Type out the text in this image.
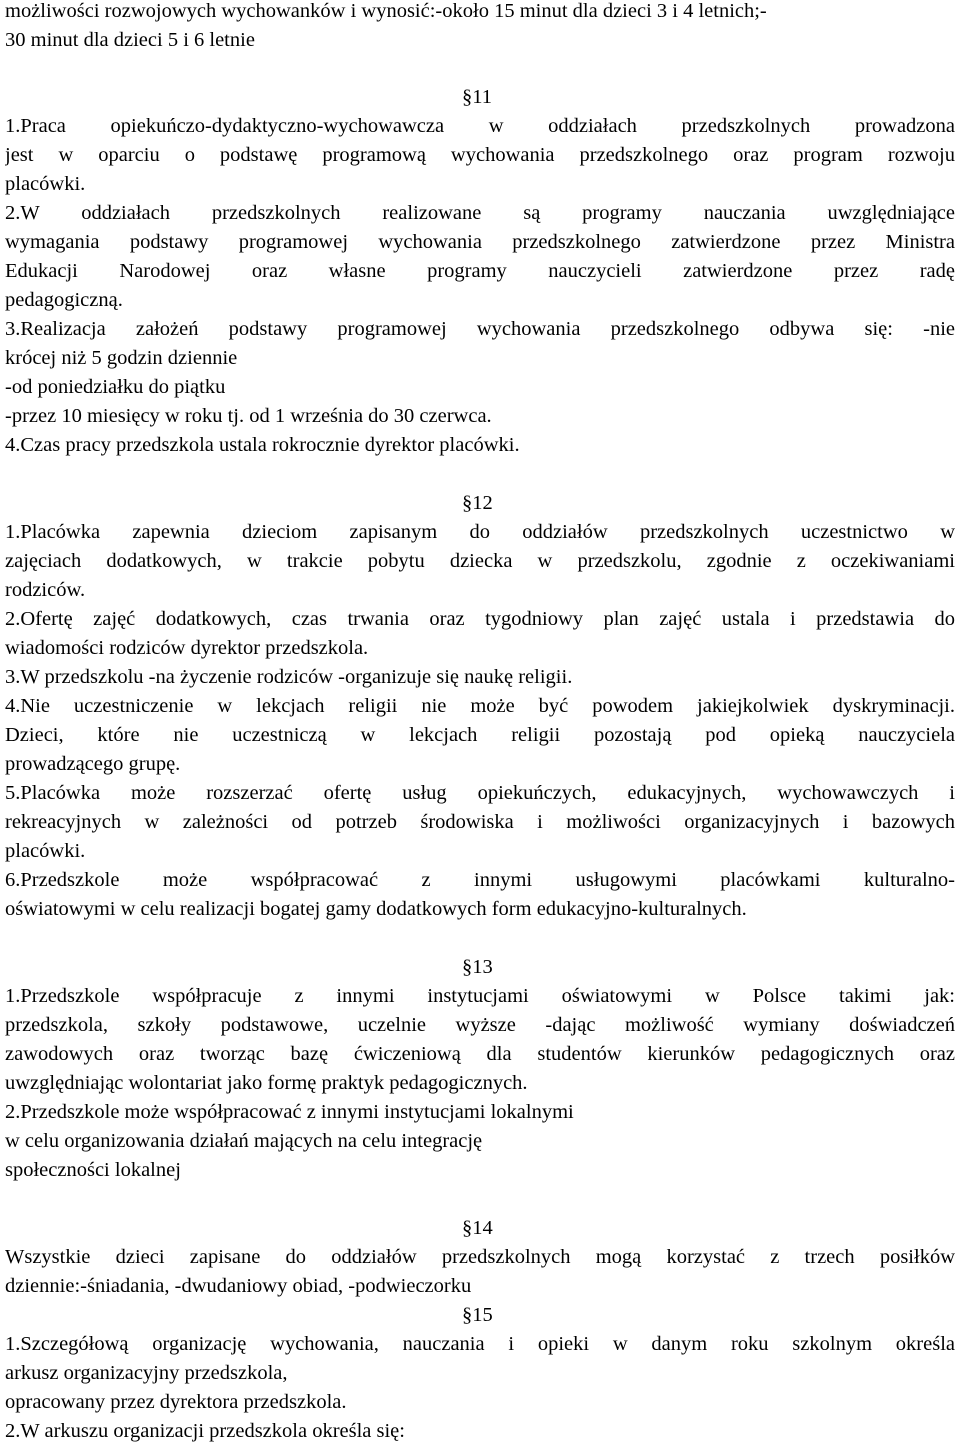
możliwości rozwojowych wychowanków i wynosić:-około 15 minut dla dzieci 3 i 4 letnich;-
30 minut dla dzieci 5 i 6 letnie
§11
1.Praca opiekuńczo-dydaktyczno-wychowawcza w oddziałach przedszkolnych prowadzona
jest w oparciu o podstawę programową wychowania przedszkolnego oraz program rozwoju
placówki.
2.W oddziałach przedszkolnych realizowane są programy nauczania uwzględniające
wymagania podstawy programowej wychowania przedszkolnego zatwierdzone przez Ministra
Edukacji Narodowej oraz własne programy nauczycieli zatwierdzone przez radę
pedagogiczną.
3.Realizacja założeń podstawy programowej wychowania przedszkolnego odbywa się: -nie
krócej niż 5 godzin dziennie
-od poniedziałku do piątku
-przez 10 miesięcy w roku tj. od 1 września do 30 czerwca.
4.Czas pracy przedszkola ustala rokrocznie dyrektor placówki.
§12
1.Placówka zapewnia dzieciom zapisanym do oddziałów przedszkolnych uczestnictwo w
zajęciach dodatkowych, w trakcie pobytu dziecka w przedszkolu, zgodnie z oczekiwaniami
rodziców.
2.Ofertę zajęć dodatkowych, czas trwania oraz tygodniowy plan zajęć ustala i przedstawia do
wiadomości rodziców dyrektor przedszkola.
3.W przedszkolu -na życzenie rodziców -organizuje się naukę religii.
4.Nie uczestniczenie w lekcjach religii nie może być powodem jakiejkolwiek dyskryminacji.
Dzieci, które nie uczestniczą w lekcjach religii pozostają pod opieką nauczyciela
prowadzącego grupę.
5.Placówka może rozszerzać ofertę usług opiekuńczych, edukacyjnych, wychowawczych i
rekreacyjnych w zależności od potrzeb środowiska i możliwości organizacyjnych i bazowych
placówki.
6.Przedszkole może współpracować z innymi usługowymi placówkami kulturalno-
oświatowymi w celu realizacji bogatej gamy dodatkowych form edukacyjno-kulturalnych.
§13
1.Przedszkole współpracuje z innymi instytucjami oświatowymi w Polsce takimi jak:
przedszkola, szkoły podstawowe, uczelnie wyższe -dając możliwość wymiany doświadczeń
zawodowych oraz tworząc bazę ćwiczeniową dla studentów kierunków pedagogicznych oraz
uwzględniając wolontariat jako formę praktyk pedagogicznych.
2.Przedszkole może współpracować z innymi instytucjami lokalnymi
w celu organizowania działań mających na celu integrację
społeczności lokalnej
§14
Wszystkie dzieci zapisane do oddziałów przedszkolnych mogą korzystać z trzech posiłków
dziennie:-śniadania, -dwudaniowy obiad, -podwieczorku
§15
1.Szczegółową organizację wychowania, nauczania i opieki w danym roku szkolnym określa
arkusz organizacyjny przedszkola,
opracowany przez dyrektora przedszkola.
2.W arkuszu organizacji przedszkola określa się:
